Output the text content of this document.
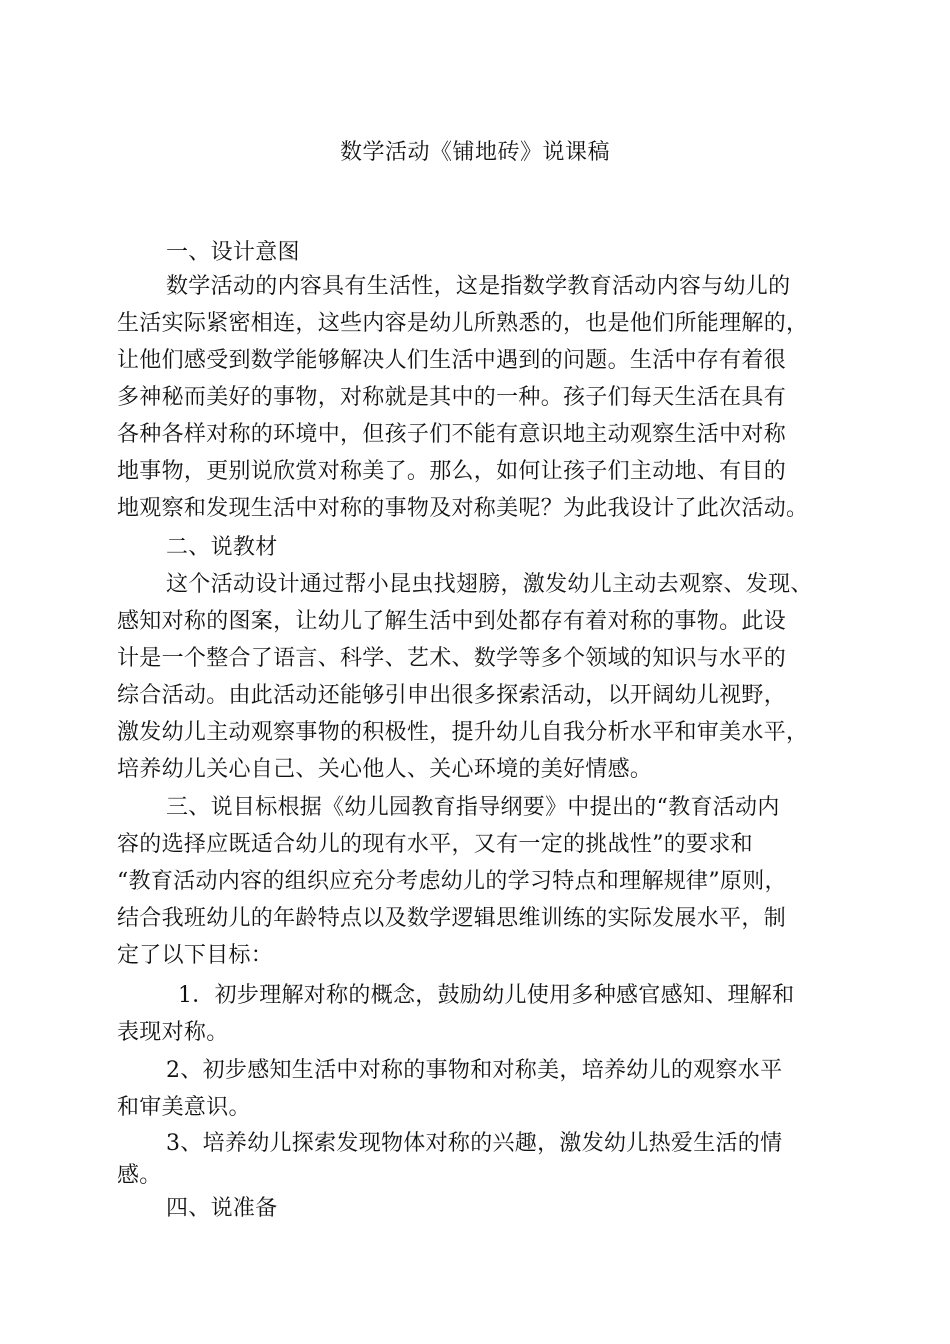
数学活动《铺地砖》说课稿
一、设计意图
数学活动的内容具有生活性，这是指数学教育活动内容与幼儿的
生活实际紧密相连，这些内容是幼儿所熟悉的，也是他们所能理解的，
让他们感受到数学能够解决人们生活中遇到的问题。生活中存有着很
多神秘而美好的事物，对称就是其中的一种。孩子们每天生活在具有
各种各样对称的环境中，但孩子们不能有意识地主动观察生活中对称
地事物，更别说欣赏对称美了。那么，如何让孩子们主动地、有目的
地观察和发现生活中对称的事物及对称美呢？为此我设计了此次活动。
二、说教材
这个活动设计通过帮小昆虫找翅膀，激发幼儿主动去观察、发现、
感知对称的图案，让幼儿了解生活中到处都存有着对称的事物。此设
计是一个整合了语言、科学、艺术、数学等多个领域的知识与水平的
综合活动。由此活动还能够引申出很多探索活动，以开阔幼儿视野，
激发幼儿主动观察事物的积极性，提升幼儿自我分析水平和审美水平，
培养幼儿关心自己、关心他人、关心环境的美好情感。
三、说目标根据《幼儿园教育指导纲要》中提出的“教育活动内
容的选择应既适合幼儿的现有水平，又有一定的挑战性”的要求和
“教育活动内容的组织应充分考虑幼儿的学习特点和理解规律”原则，
结合我班幼儿的年龄特点以及数学逻辑思维训练的实际发展水平，制
定了以下目标：
1．初步理解对称的概念，鼓励幼儿使用多种感官感知、理解和
表现对称。
2、初步感知生活中对称的事物和对称美，培养幼儿的观察水平
和审美意识。
3、培养幼儿探索发现物体对称的兴趣，激发幼儿热爱生活的情
感。
四、说准备
